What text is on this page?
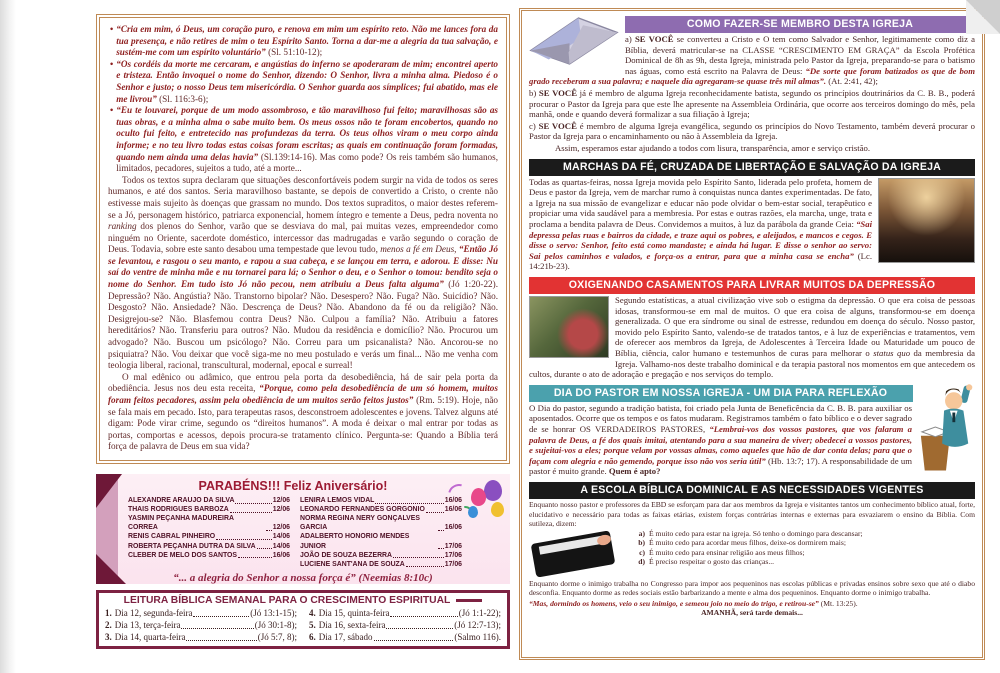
• “Cria em mim, ó Deus, um coração puro, e renova em mim um espírito reto. Não me lances fora da tua presença, e não retires de mim o teu Espírito Santo. Torna a dar-me a alegria da tua salvação, e sustém-me com um espírito voluntário” (Sl. 51:10-12);
• “Os cordéis da morte me cercaram, e angústias do inferno se apoderaram de mim; encontrei aperto e tristeza. Então invoquei o nome do Senhor, dizendo: O Senhor, livra a minha alma. Piedoso é o Senhor e justo; o nosso Deus tem misericórdia. O Senhor guarda aos símplices; fui abatido, mas ele me livrou” (Sl. 116:3-6);
• “Eu te louvarei, porque de um modo assombroso, e tão maravilhoso fui feito; maravilhosas são as tuas obras, e a minha alma o sabe muito bem. Os meus ossos não te foram encobertos, quando no oculto fui feito, e entretecido nas profundezas da terra. Os teus olhos viram o meu corpo ainda informe; e no teu livro todas estas coisas foram escritas; as quais em continuação foram formadas, quando nem ainda uma delas havia” (Sl.139:14-16). Mas como pode? Os reis também são humanos, limitados, pecadores, sujeitos a tudo, até a morte...

Todos os textos supra declaram que situações desconfortáveis podem surgir na vida de todos os seres humanos, e até dos santos. Seria maravilhoso bastante, se depois de convertido a Cristo, o crente não estivesse mais sujeito às doenças que grassam no mundo. Dos textos supraditos, o maior destes referem-se a Jó, personagem histórico, patriarca exponencial, homem íntegro e temente a Deus, pedra noventa no ranking dos plenos do Senhor, varão que se desviava do mal, pai muitas vezes, empreendedor como ninguém no Oriente, sacerdote doméstico, intercessor das madrugadas e varão segundo o coração de Deus. Todavia, sobre este santo desabou uma tempestade que levou tudo, menos a fé em Deus, “Então Jó se levantou, e rasgou o seu manto, e rapou a sua cabeça, e se lançou em terra, e adorou. E disse: Nu saí do ventre de minha mãe e nu tornarei para lá; o Senhor o deu, e o Senhor o tomou: bendito seja o nome do Senhor. Em tudo isto Jó não pecou, nem atribuiu a Deus falta alguma” (Jó 1:20-22). Depressão? Não. Angústia? Não. Transtorno bipolar? Não. Desespero? Não. Fuga? Não. Suicídio? Não. Desgosto? Não. Ansiedade? Não. Descrença de Deus? Não. Abandono da fé ou da religião? Não. Desigrejou-se? Não. Blasfemou contra Deus? Não. Culpou a família? Não. Atribuiu a fatores hereditários? Não. Transferiu para outros? Não. Mudou da residência e domicílio? Não. Procurou um advogado? Não. Buscou um psicólogo? Não. Correu para um psicanalista? Não. Ancorou-se no psiquiatra? Não. Vou deixar que você siga-me no meu postulado e verás um final... Não me venha com teologia liberal, racional, transcultural, modernal, epocal e surreal!

O mal edênico ou adâmico, que entrou pela porta da desobediência, há de sair pela porta da obediência. Jesus nos deu esta receita, “Porque, como pela desobediência de um só homem, muitos foram feitos pecadores, assim pela obediência de um muitos serão feitos justos” (Rm. 5:19). Hoje, não se fala mais em pecado. Isto, para terapeutas rasos, desconstroem adolescentes e jovens. Talvez alguns até digam: Pode virar crime, segundo os “direitos humanos”. A moda é deixar o mal entrar por todas as portas, comportas e acessos, depois procura-se tratamento clínico. Pergunta-se: Quando a Bíblia terá força de palavra de Deus em sua vida?

PARABÉNS!!! Feliz Aniversário!
ALEXANDRE ARAUJO DA SILVA	12/06
THAIS RODRIGUES BARBOZA	12/06
YASMIN PEÇANHA MADUREIRA CORREA	12/06
RENIS CABRAL PINHEIRO	14/06
ROBERTA PEÇANHA DUTRA DA SILVA 14/06
CLEBER DE MELO DOS SANTOS	16/06
LENIRA LEMOS VIDAL	16/06
LEONARDO FERNANDES GORGONIO	16/06
NORMA REGINA NERY GONÇALVES GARCIA	16/06
ADALBERTO HONORIO MENDES JUNIOR	17/06
JOÃO DE SOUZA BEZERRA	17/06
LUCIENE SANT'ANA DE SOUZA	17/06
“... a alegria do Senhor a nossa força é” (Neemias 8:10c)
LEITURA BÍBLICA SEMANAL PARA O CRESCIMENTO ESPIRITUAL
1. Dia 12, segunda-feira	(Jó 13:1-15);
2. Dia 13, terça-feira	(Jó 30:1-8);
3. Dia 14, quarta-feira	(Jó 5:7, 8);
4. Dia 15, quinta-feira	(Jó 1:1-22);
5. Dia 16, sexta-feira	(Jó 12:7-13);
6. Dia 17, sábado	(Salmo 116).
COMO FAZER-SE MEMBRO DESTA IGREJA

a) SE VOCÊ se converteu a Cristo e O tem como Salvador e Senhor, legitimamente como diz a Bíblia, deverá matricular-se na CLASSE “CRESCIMENTO EM GRAÇA” da Escola Profética Dominical de 8h as 9h, desta Igreja, ministrada pelo Pastor da Igreja, preparando-se para o batismo nas águas, como está escrito na Palavra de Deus: “De sorte que foram batizados os que de bom grado receberam a sua palavra; e naquele dia agregaram-se quase três mil almas”. (At. 2:41, 42);

b) SE VOCÊ já é membro de alguma Igreja reconhecidamente batista, segundo os princípios doutrinários da C. B. B., poderá procurar o Pastor da Igreja para que este lhe apresente na Assembleia Ordinária, que ocorre aos terceiros domingo do mês, pela manhã, onde e quando deverá formalizar a sua filiação à Igreja;

c) SE VOCÊ é membro de alguma Igreja evangélica, segundo os princípios do Novo Testamento, também deverá procurar o Pastor da Igreja para o encaminhamento ou não à Assembleia da Igreja.

Assim, esperamos estar ajudando a todos com lisura, transparência, amor e serviço cristão.

MARCHAS DA FÉ, CRUZADA DE LIBERTAÇÃO E SALVAÇÃO DA IGREJA

Todas as quartas-feiras, nossa Igreja movida pelo Espírito Santo, liderada pelo profeta, homem de Deus e pastor da Igreja, vem de marchar rumo à conquistas nunca dantes experimentadas. De fato, a Igreja na sua missão de evangelizar e educar não pode olvidar o bem-estar social, terapêutico e propiciar uma vida saudável para a membresia. Por estas e outras razões, ela marcha, unge, trata e proclama a bendita palavra de Deus. Convidemos a muitos, à luz da parábola da grande Ceia: “Sai depressa pelas ruas e bairros da cidade, e traze aqui os pobres, e aleijados, e mancos e cegos. E disse o servo: Senhor, feito está como mandaste; e ainda há lugar. E disse o senhor ao servo: Sai pelos caminhos e valados, e força-os a entrar, para que a minha casa se encha” (Lc. 14:21b-23).

OXIGENANDO CASAMENTOS PARA LIVRAR MUITOS DA DEPRESSÃO

Segundo estatísticas, a atual civilização vive sob o estigma da depressão. O que era coisa de pessoas idosas, transformou-se em mal de muitos. O que era coisa de alguns, transformou-se em doença generalizada. O que era síndrome ou sinal de estresse, redundou em doença do século. Nosso pastor, movido pelo Espírito Santo, valendo-se de tratados tantos, e à luz de experiências e tratamentos, vem de oferecer aos membros da Igreja, de Adolescentes à Terceira Idade ou Maturidade um pouco de Bíblia, ciência, calor humano e testemunhos de curas para melhorar o status quo da membresia da Igreja. Valhamo-nos deste trabalho dominical e da terapia pastoral nos momentos em que antecedem os cultos, durante o ato de adoração e pregação e nos serviços do templo.

DIA DO PASTOR EM NOSSA IGREJA - UM DIA PARA REFLEXÃO

O Dia do pastor, segundo a tradição batista, foi criado pela Junta de Beneficência da C. B. B. para auxiliar os aposentados. Ocorre que os tempos e os fatos mudaram. Registramos também o fato bíblico e o dever sagrado de se honrar OS VERDADEIROS PASTORES, “Lembrai-vos dos vossos pastores, que vos falaram a palavra de Deus, a fé dos quais imitai, atentando para a sua maneira de viver; obedecei a vossos pastores, e sujeitai-vos a eles; porque velam por vossas almas, como aqueles que hão de dar conta delas; para que o façam com alegria e não gemendo, porque isso não vos seria útil” (Hb. 13:7; 17). A responsabilidade de um pastor é muito grande. Quem é apto?

A ESCOLA BÍBLICA DOMINICAL E AS NECESSIDADES VIGENTES

Enquanto nosso pastor e professores da EBD se esforçam para dar aos membros da Igreja e visitantes tantos um conhecimento bíblico atual, forte, elucidativo e necessário para todas as faixas etárias, existem forças contrárias internas e externas para esvaziarem o ensino da Bíblia. Com sutileza, dizem:

a) É muito cedo para estar na igreja. Só tenho o domingo para descansar;
b) É muito cedo para acordar meus filhos, deixe-os dormirem mais;
c) É muito cedo para ensinar religião aos meus filhos;
d) É preciso respeitar o gosto das crianças...

Enquanto dorme o inimigo trabalha no Congresso para impor aos pequeninos nas escolas públicas e privadas ensinos sobre sexo que até o diabo desconfia. Enquanto dorme as redes sociais estão barbarizando a mente e alma dos pequeninos. Enquanto dorme o inimigo trabalha.

“Mas, dormindo os homens, veio o seu inimigo, e semeou joio no meio do trigo, e retirou-se” (Mt. 13:25).

AMANHÃ, será tarde demais...
